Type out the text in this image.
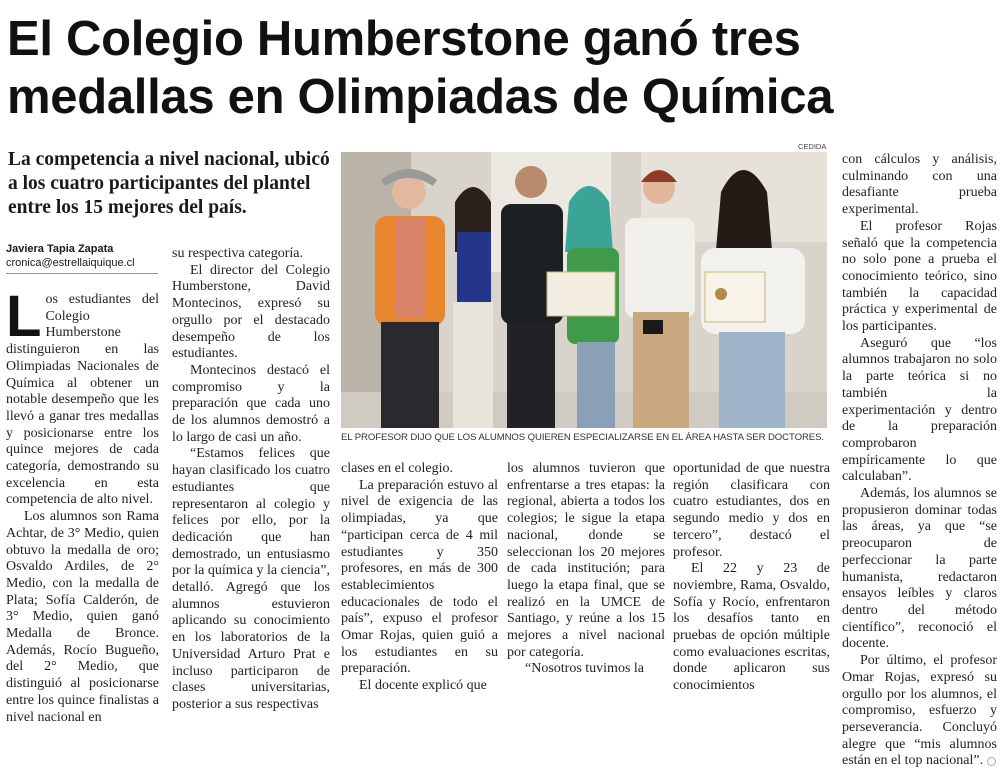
El Colegio Humberstone ganó tres
medallas en Olimpiadas de Química
La competencia a nivel nacional, ubicó a los cuatro participantes del plantel entre los 15 mejores del país.
Javiera Tapia Zapata
cronica@estrellaiquique.cl
L os estudiantes del Colegio Humberstone distinguieron en las Olimpiadas Nacionales de Química al obtener un notable desempeño que les llevó a ganar tres medallas y posicionarse entre los quince mejores de cada categoría, demostrando su excelencia en esta competencia de alto nivel.

Los alumnos son Rama Achtar, de 3° Medio, quien obtuvo la medalla de oro; Osvaldo Ardiles, de 2° Medio, con la medalla de Plata; Sofía Calderón, de 3° Medio, quien ganó Medalla de Bronce. Además, Rocío Bugueño, del 2° Medio, que distinguió al posicionarse entre los quince finalistas a nivel nacional en

su respectiva categoría.

El director del Colegio Humberstone, David Montecinos, expresó su orgullo por el destacado desempeño de los estudiantes.

Montecinos destacó el compromiso y la preparación que cada uno de los alumnos demostró a lo largo de casi un año.

“Estamos felices que hayan clasificado los cuatro estudiantes que representaron al colegio y felices por ello, por la dedicación que han demostrado, un entusiasmo por la química y la ciencia”, detalló. Agregó que los alumnos estuvieron aplicando su conocimiento en los laboratorios de la Universidad Arturo Prat e incluso participaron de clases universitarias, posterior a sus respectivas

CEDIDA
EL PROFESOR DIJO QUE LOS ALUMNOS QUIEREN ESPECIALIZARSE EN EL ÁREA HASTA SER DOCTORES.

clases en el colegio.

La preparación estuvo al nivel de exigencia de las olimpiadas, ya que “participan cerca de 4 mil estudiantes y 350 profesores, en más de 300 establecimientos educacionales de todo el país”, expuso el profesor Omar Rojas, quien guió a los estudiantes en su preparación.

El docente explicó que

los alumnos tuvieron que enfrentarse a tres etapas: la regional, abierta a todos los colegios; le sigue la etapa nacional, donde se seleccionan los 20 mejores de cada institución; para luego la etapa final, que se realizó en la UMCE de Santiago, y reúne a los 15 mejores a nivel nacional por categoría.

“Nosotros tuvimos la

oportunidad de que nuestra región clasificara con cuatro estudiantes, dos en segundo medio y dos en tercero”, destacó el profesor.

El 22 y 23 de noviembre, Rama, Osvaldo, Sofía y Rocío, enfrentaron los desafíos tanto en pruebas de opción múltiple como evaluaciones escritas, donde aplicaron sus conocimientos

con cálculos y análisis, culminando con una desafiante prueba experimental.

El profesor Rojas señaló que la competencia no solo pone a prueba el conocimiento teórico, sino también la capacidad práctica y experimental de los participantes.

Aseguró que “los alumnos trabajaron no solo la parte teórica si no también la experimentación y dentro de la preparación comprobaron empíricamente lo que calculaban”.

Además, los alumnos se propusieron dominar todas las áreas, ya que “se preocuparon de perfeccionar la parte humanista, redactaron ensayos leíbles y claros dentro del método científico”, reconoció el docente.

Por último, el profesor Omar Rojas, expresó su orgullo por los alumnos, el compromiso, esfuerzo y perseverancia. Concluyó alegre que “mis alumnos están en el top nacional”.
